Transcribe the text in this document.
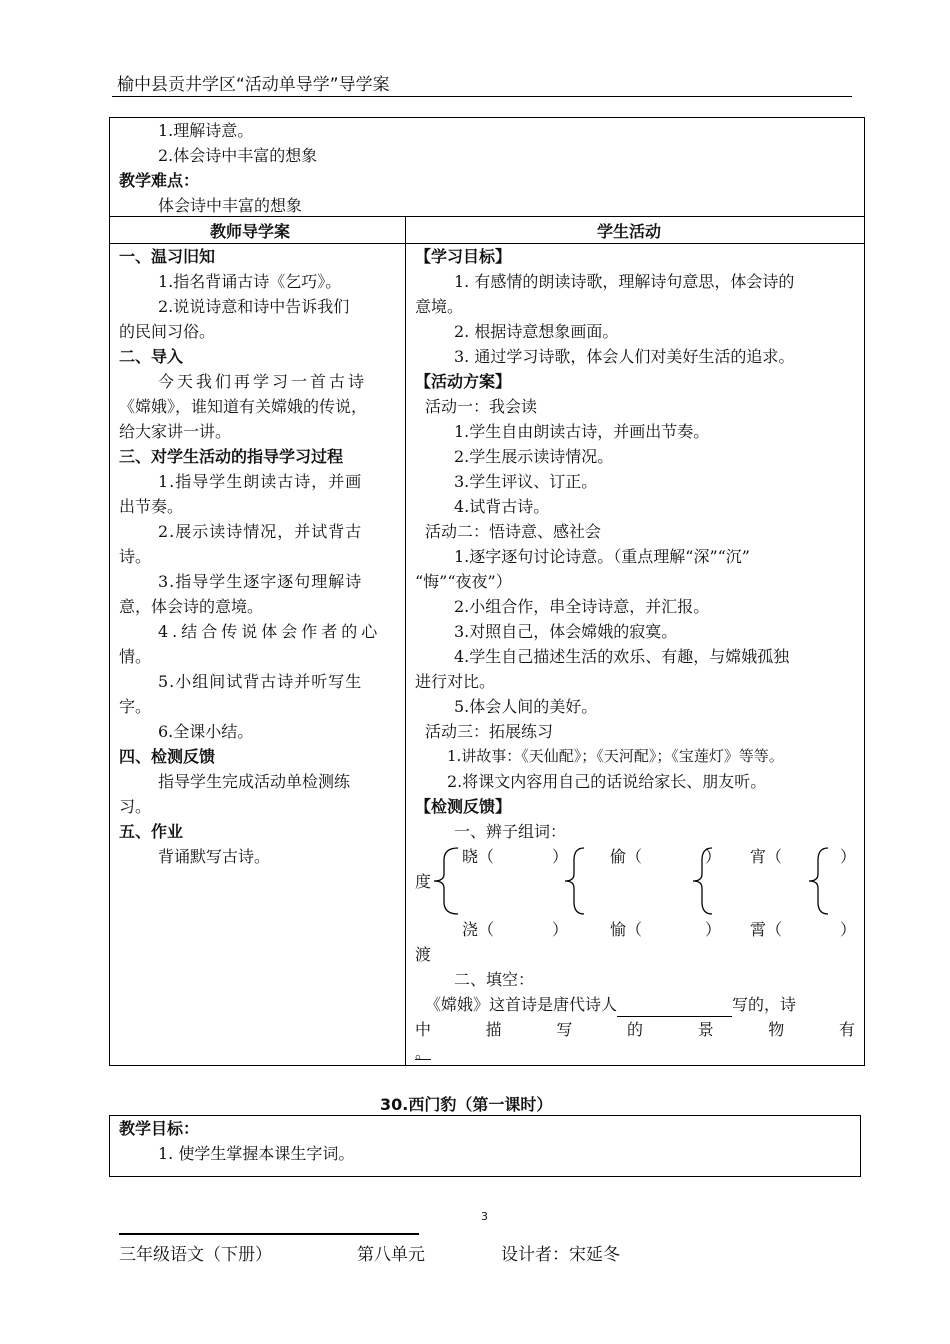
榆中县贡井学区“活动单导学”导学案
1.理解诗意。
2.体会诗中丰富的想象
教学难点：
体会诗中丰富的想象
教师导学案	学生活动
一、温习旧知
1.指名背诵古诗《乞巧》。
2.说说诗意和诗中告诉我们
的民间习俗。
二、导入
今天我们再学习一首古诗
《嫦娥》，谁知道有关嫦娥的传说，
给大家讲一讲。
三、对学生活动的指导学习过程
1.指导学生朗读古诗，并画
出节奏。
2.展示读诗情况，并试背古
诗。
3.指导学生逐字逐句理解诗
意，体会诗的意境。
4.结合传说体会作者的心
情。
5.小组间试背古诗并听写生
字。
6.全课小结。
四、检测反馈
指导学生完成活动单检测练
习。
五、作业
背诵默写古诗。
【学习目标】
1. 有感情的朗读诗歌，理解诗句意思，体会诗的
意境。
2. 根据诗意想象画面。
3. 通过学习诗歌，体会人们对美好生活的追求。
【活动方案】
活动一：我会读
1.学生自由朗读古诗，并画出节奏。
2.学生展示读诗情况。
3.学生评议、订正。
4.试背古诗。
活动二：悟诗意、感社会
1.逐字逐句讨论诗意。（重点理解“深”“沉”
“悔”“夜夜”）
2.小组合作，串全诗诗意，并汇报。
3.对照自己，体会嫦娥的寂寞。
4.学生自己描述生活的欢乐、有趣，与嫦娥孤独
进行对比。
5.体会人间的美好。
活动三：拓展练习
1.讲故事：《天仙配》；《天河配》；《宝莲灯》等等。
2.将课文内容用自己的话说给家长、朋友听。
【检测反馈】
一、辨子组词：
晓（	）	偷（	） 宵（	）
度
浇（	）	愉（	） 霄（	）
渡
二、填空：
《嫦娥》这首诗是唐代诗人	写的，诗
中	描	写	的	景	物	有
。
30.西门豹（第一课时）
教学目标：
1. 使学生掌握本课生字词。
3
三年级语文（下册）	第八单元	设计者：宋延冬
